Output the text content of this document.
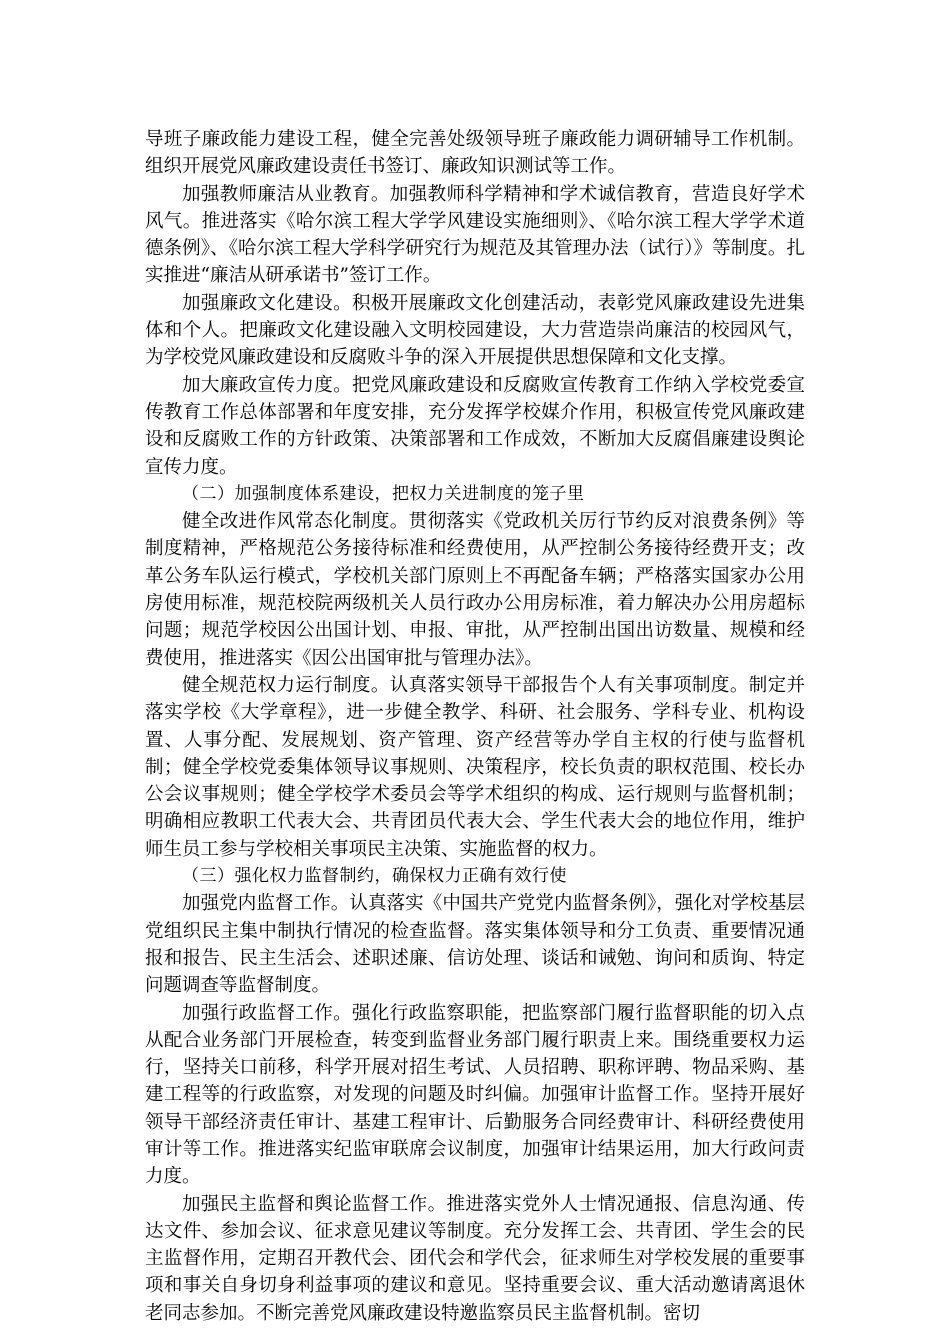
导班子廉政能力建设工程，健全完善处级领导班子廉政能力调研辅导工作机制。组织开展党风廉政建设责任书签订、廉政知识测试等工作。

加强教师廉洁从业教育。加强教师科学精神和学术诚信教育，营造良好学术风气。推进落实《哈尔滨工程大学学风建设实施细则》、《哈尔滨工程大学学术道德条例》、《哈尔滨工程大学科学研究行为规范及其管理办法（试行）》等制度。扎实推进“廉洁从研承诺书”签订工作。

加强廉政文化建设。积极开展廉政文化创建活动，表彰党风廉政建设先进集体和个人。把廉政文化建设融入文明校园建设，大力营造崇尚廉洁的校园风气，为学校党风廉政建设和反腐败斗争的深入开展提供思想保障和文化支撑。

加大廉政宣传力度。把党风廉政建设和反腐败宣传教育工作纳入学校党委宣传教育工作总体部署和年度安排，充分发挥学校媒介作用，积极宣传党风廉政建设和反腐败工作的方针政策、决策部署和工作成效，不断加大反腐倡廉建设舆论宣传力度。

（二）加强制度体系建设，把权力关进制度的笼子里

健全改进作风常态化制度。贯彻落实《党政机关厉行节约反对浪费条例》等制度精神，严格规范公务接待标准和经费使用，从严控制公务接待经费开支；改革公务车队运行模式，学校机关部门原则上不再配备车辆；严格落实国家办公用房使用标准，规范校院两级机关人员行政办公用房标准，着力解决办公用房超标问题；规范学校因公出国计划、申报、审批，从严控制出国出访数量、规模和经费使用，推进落实《因公出国审批与管理办法》。

健全规范权力运行制度。认真落实领导干部报告个人有关事项制度。制定并落实学校《大学章程》，进一步健全教学、科研、社会服务、学科专业、机构设置、人事分配、发展规划、资产管理、资产经营等办学自主权的行使与监督机制；健全学校党委集体领导议事规则、决策程序，校长负责的职权范围、校长办公会议事规则；健全学校学术委员会等学术组织的构成、运行规则与监督机制；明确相应教职工代表大会、共青团员代表大会、学生代表大会的地位作用，维护师生员工参与学校相关事项民主决策、实施监督的权力。

（三）强化权力监督制约，确保权力正确有效行使

加强党内监督工作。认真落实《中国共产党党内监督条例》，强化对学校基层党组织民主集中制执行情况的检查监督。落实集体领导和分工负责、重要情况通报和报告、民主生活会、述职述廉、信访处理、谈话和诫勉、询问和质询、特定问题调查等监督制度。

加强行政监督工作。强化行政监察职能，把监察部门履行监督职能的切入点从配合业务部门开展检查，转变到监督业务部门履行职责上来。围绕重要权力运行，坚持关口前移，科学开展对招生考试、人员招聘、职称评聘、物品采购、基建工程等的行政监察，对发现的问题及时纠偏。加强审计监督工作。坚持开展好领导干部经济责任审计、基建工程审计、后勤服务合同经费审计、科研经费使用审计等工作。推进落实纪监审联席会议制度，加强审计结果运用，加大行政问责力度。

加强民主监督和舆论监督工作。推进落实党外人士情况通报、信息沟通、传达文件、参加会议、征求意见建议等制度。充分发挥工会、共青团、学生会的民主监督作用，定期召开教代会、团代会和学代会，征求师生对学校发展的重要事项和事关自身切身利益事项的建议和意见。坚持重要会议、重大活动邀请离退休老同志参加。不断完善党风廉政建设特邀监察员民主监督机制。密切
